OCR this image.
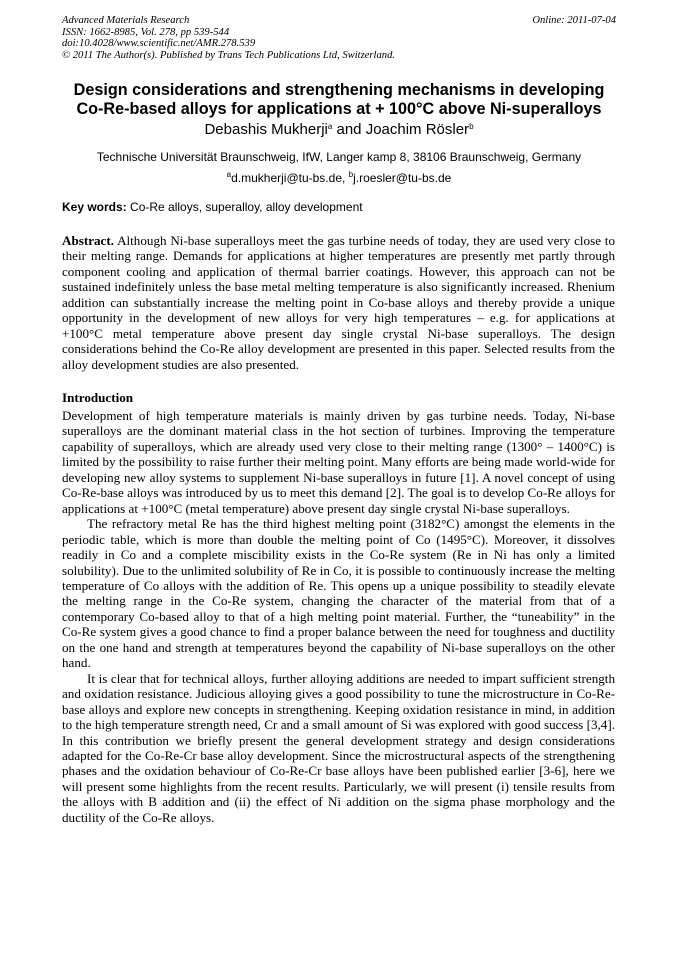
Advanced Materials Research
ISSN: 1662-8985, Vol. 278, pp 539-544
doi:10.4028/www.scientific.net/AMR.278.539
© 2011 The Author(s). Published by Trans Tech Publications Ltd, Switzerland.
Online: 2011-07-04
Design considerations and strengthening mechanisms in developing
Co-Re-based alloys for applications at + 100°C above Ni-superalloys
Debashis Mukherji$^a$ and Joachim Rösler$^b$
Technische Universität Braunschweig, IfW, Langer kamp 8, 38106 Braunschweig, Germany
$^a$d.mukherji@tu-bs.de, $^b$j.roesler@tu-bs.de
Key words: Co-Re alloys, superalloy, alloy development

Abstract. Although Ni-base superalloys meet the gas turbine needs of today, they are used very close to their melting range. Demands for applications at higher temperatures are presently met partly through component cooling and application of thermal barrier coatings. However, this approach can not be sustained indefinitely unless the base metal melting temperature is also significantly increased. Rhenium addition can substantially increase the melting point in Co-base alloys and thereby provide a unique opportunity in the development of new alloys for very high temperatures – e.g. for applications at +100°C metal temperature above present day single crystal Ni-base superalloys. The design considerations behind the Co-Re alloy development are presented in this paper. Selected results from the alloy development studies are also presented.

Introduction

Development of high temperature materials is mainly driven by gas turbine needs. Today, Ni-base superalloys are the dominant material class in the hot section of turbines. Improving the temperature capability of superalloys, which are already used very close to their melting range (1300° – 1400°C) is limited by the possibility to raise further their melting point. Many efforts are being made world-wide for developing new alloy systems to supplement Ni-base superalloys in future [1]. A novel concept of using Co-Re-base alloys was introduced by us to meet this demand [2]. The goal is to develop Co-Re alloys for applications at +100°C (metal temperature) above present day single crystal Ni-base superalloys.

The refractory metal Re has the third highest melting point (3182°C) amongst the elements in the periodic table, which is more than double the melting point of Co (1495°C). Moreover, it dissolves readily in Co and a complete miscibility exists in the Co-Re system (Re in Ni has only a limited solubility). Due to the unlimited solubility of Re in Co, it is possible to continuously increase the melting temperature of Co alloys with the addition of Re. This opens up a unique possibility to steadily elevate the melting range in the Co-Re system, changing the character of the material from that of a contemporary Co-based alloy to that of a high melting point material. Further, the “tuneability” in the Co-Re system gives a good chance to find a proper balance between the need for toughness and ductility on the one hand and strength at temperatures beyond the capability of Ni-base superalloys on the other hand.

It is clear that for technical alloys, further alloying additions are needed to impart sufficient strength and oxidation resistance. Judicious alloying gives a good possibility to tune the microstructure in Co-Re-base alloys and explore new concepts in strengthening. Keeping oxidation resistance in mind, in addition to the high temperature strength need, Cr and a small amount of Si was explored with good success [3,4]. In this contribution we briefly present the general development strategy and design considerations adapted for the Co-Re-Cr base alloy development. Since the microstructural aspects of the strengthening phases and the oxidation behaviour of Co-Re-Cr base alloys have been published earlier [3-6], here we will present some highlights from the recent results. Particularly, we will present (i) tensile results from the alloys with B addition and (ii) the effect of Ni addition on the sigma phase morphology and the ductility of the Co-Re alloys.
